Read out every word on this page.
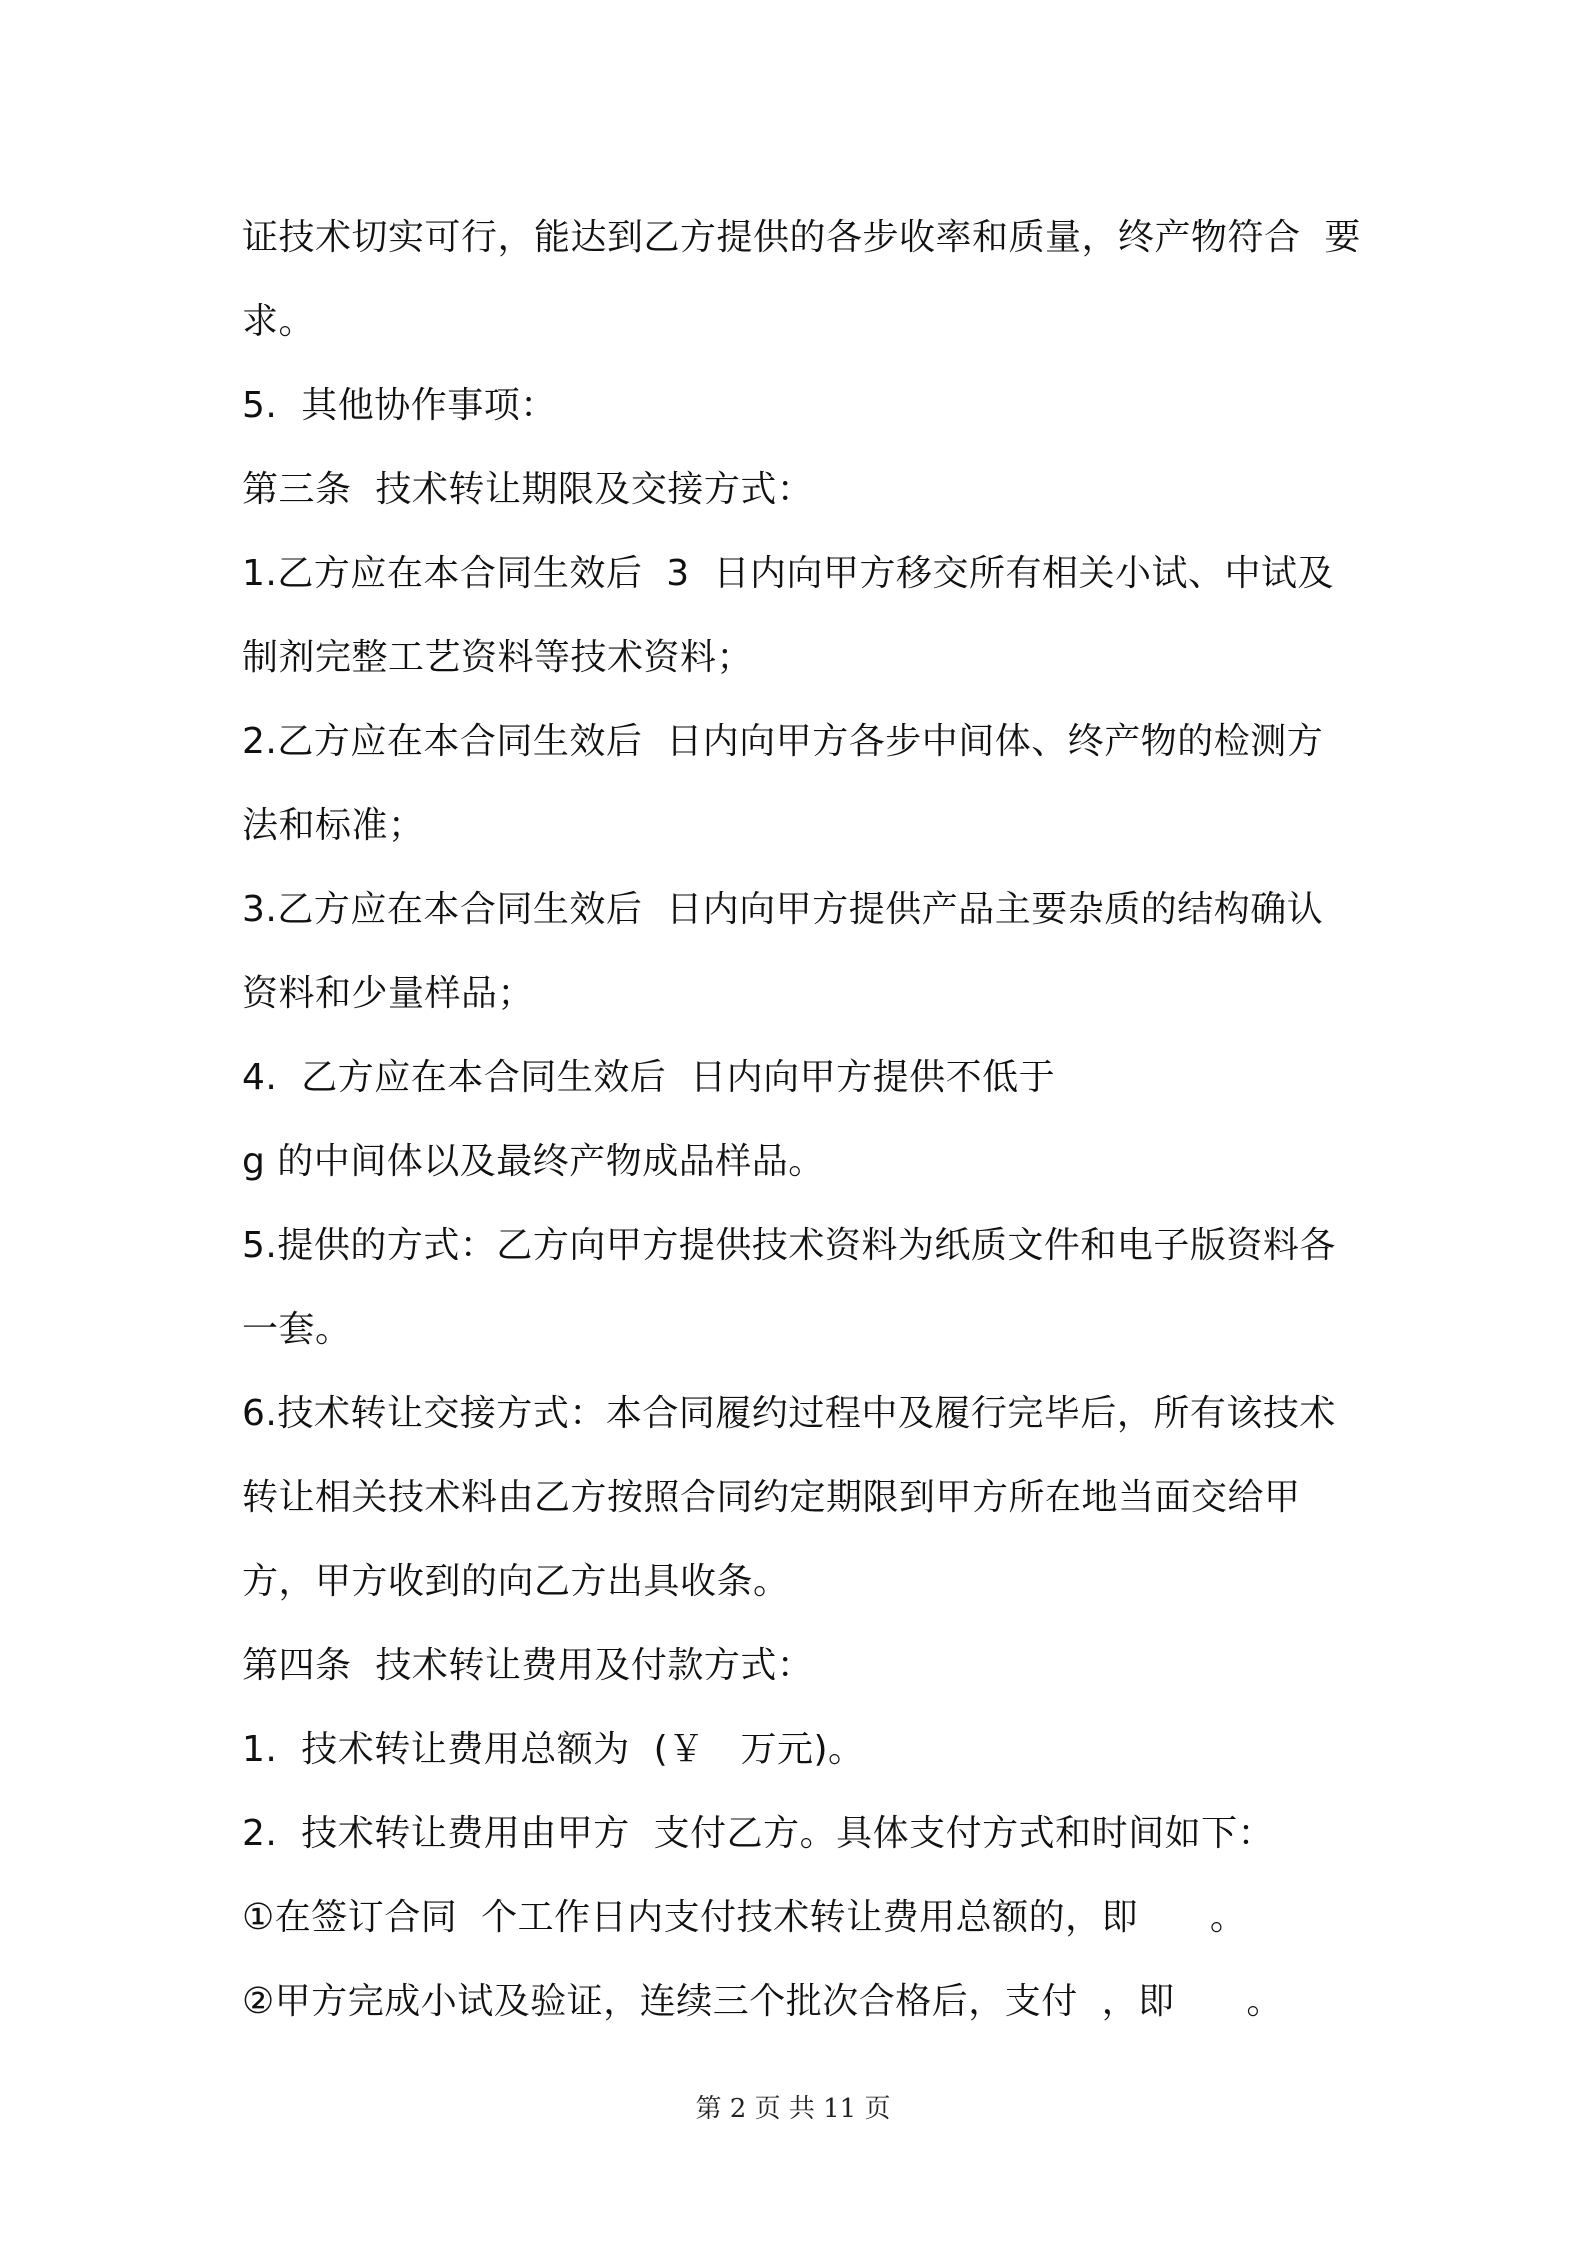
证技术切实可行，能达到乙方提供的各步收率和质量，终产物符合  要
求。
5.  其他协作事项：
第三条  技术转让期限及交接方式：
1.乙方应在本合同生效后  3  日内向甲方移交所有相关小试、中试及
制剂完整工艺资料等技术资料；
2.乙方应在本合同生效后  日内向甲方各步中间体、终产物的检测方
法和标准；
3.乙方应在本合同生效后  日内向甲方提供产品主要杂质的结构确认
资料和少量样品；
4.  乙方应在本合同生效后  日内向甲方提供不低于
g 的中间体以及最终产物成品样品。
5.提供的方式：乙方向甲方提供技术资料为纸质文件和电子版资料各
一套。
6.技术转让交接方式：本合同履约过程中及履行完毕后，所有该技术
转让相关技术料由乙方按照合同约定期限到甲方所在地当面交给甲
方，甲方收到的向乙方出具收条。
第四条  技术转让费用及付款方式：
1.  技术转让费用总额为  (￥   万元)。
2.  技术转让费用由甲方  支付乙方。具体支付方式和时间如下：
①在签订合同  个工作日内支付技术转让费用总额的，即      。
②甲方完成小试及验证，连续三个批次合格后，支付  ，即      。
第 2 页 共 11 页
